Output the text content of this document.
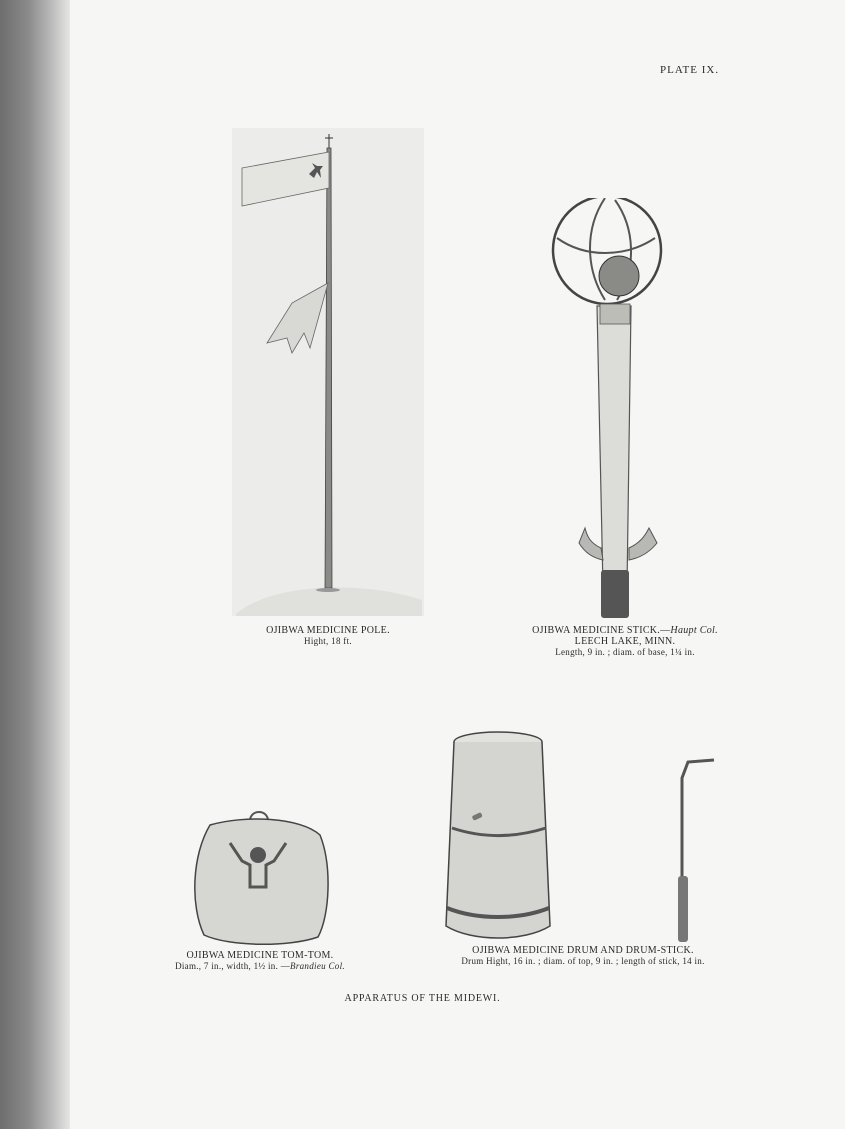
PLATE IX.
OJIBWA MEDICINE POLE.
Hight, 18 ft.
OJIBWA MEDICINE STICK.—Haupt Col.
LEECH LAKE, MINN.
Length, 9 in. ; diam. of base, 1¼ in.
OJIBWA MEDICINE TOM-TOM.
Diam., 7 in., width, 1½ in. —Brandieu Col.
OJIBWA MEDICINE DRUM AND DRUM-STICK.
Drum Hight, 16 in. ; diam. of top, 9 in. ; length of stick, 14 in.
APPARATUS OF THE MIDEWI.
